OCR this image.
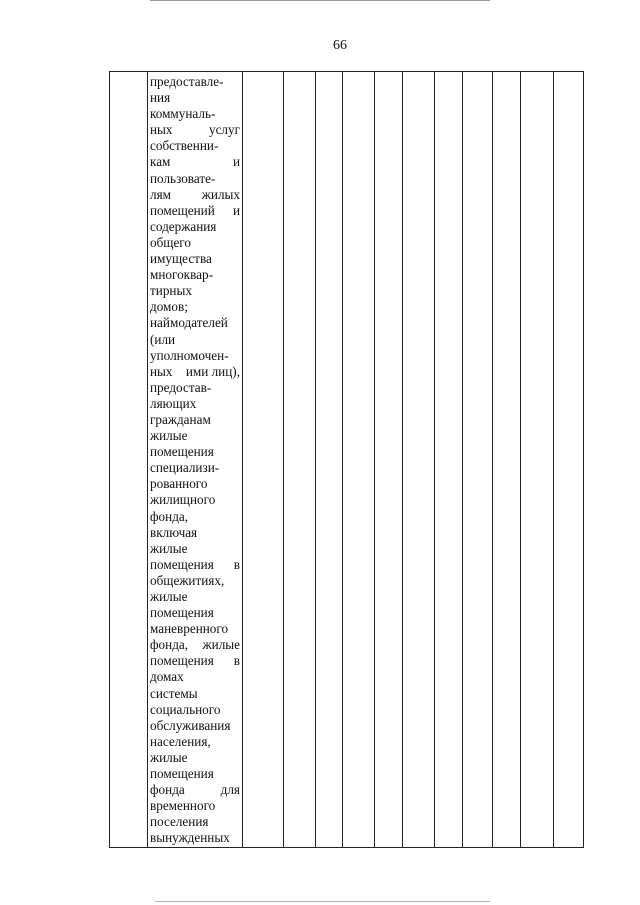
66

предоставле-
ния
коммуналь-
ных	услуг
собственни-
кам	и
пользовате-
лям жилых
помещений и
содержания
общего
имущества
многоквар-
тирных
домов;
наймодателей
(или
уполномочен-
ных ими лиц),
предостав-
ляющих
гражданам
жилые
помещения
специализи-
рованного
жилищного
фонда,
включая
жилые
помещения в
общежитиях,
жилые
помещения
маневренного
фонда, жилые
помещения в
домах
системы
социального
обслуживания
населения,
жилые
помещения
фонда	для
временного
поселения
вынужденных
